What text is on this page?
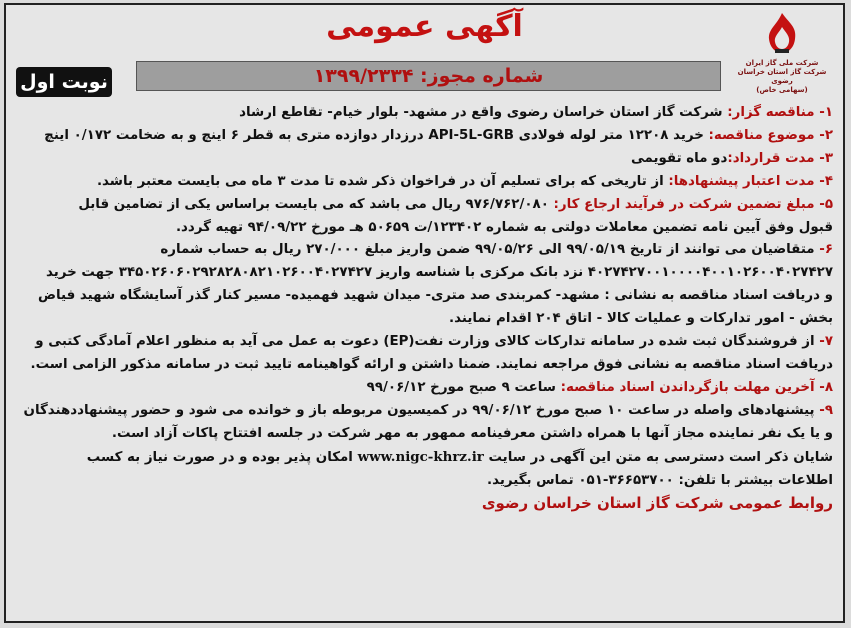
شرکت ملی گاز ایران
شرکت گاز استان خراسان رضوی
(سهامی خاص)
آگهی عمومی
شماره مجوز: ۱۳۹۹/۲۳۳۴
نوبت اول
۱- مناقصه گزار: شرکت گاز استان خراسان رضوی واقع در مشهد- بلوار خیام- تقاطع ارشاد
۲- موضوع مناقصه: خرید ۱۲۲۰۸ متر لوله فولادی API-5L-GRB درزدار دوازده متری به قطر ۶ اینچ و به ضخامت ۰/۱۷۲ اینچ
۳- مدت قرارداد:دو ماه تقویمی
۴- مدت اعتبار پیشنهادها: از تاریخی که برای تسلیم آن در فراخوان ذکر شده تا مدت ۳ ماه می بایست معتبر باشد.
۵- مبلغ تضمین شرکت در فرآیند ارجاع کار: ۹۷۶/۷۶۲/۰۸۰ ریال می باشد که می بایست براساس یکی از تضامین قابل
قبول وفق آیین نامه تضمین معاملات دولتی به شماره ۱۲۳۴۰۲/ت ۵۰۶۵۹ هـ مورخ ۹۴/۰۹/۲۲ تهیه گردد.
۶- متقاضیان می توانند از تاریخ ۹۹/۰۵/۱۹ الی ۹۹/۰۵/۲۶ ضمن واریز مبلغ ۲۷۰/۰۰۰ ریال به حساب شماره
۴۰۲۷۴۲۷۰۰۱۰۰۰۰۴۰۰۱۰۲۶۰۰۴۰۲۷۴۲۷ نزد بانک مرکزی با شناسه واریز ۳۴۵۰۲۶۰۶۰۲۹۲۸۲۸۰۸۲۱۰۲۶۰۰۴۰۲۷۴۲۷ جهت خرید
و دریافت اسناد مناقصه به نشانی : مشهد- کمربندی صد متری- میدان شهید فهمیده- مسیر کنار گذر آسایشگاه شهید فیاض
بخش - امور تدارکات و عملیات کالا - اتاق ۲۰۴ اقدام نمایند.
۷- از فروشندگان ثبت شده در سامانه تدارکات کالای وزارت نفت(EP) دعوت به عمل می آید به منظور اعلام آمادگی کتبی و
دریافت اسناد مناقصه به نشانی فوق مراجعه نمایند. ضمنا داشتن و ارائه گواهینامه تایید ثبت در سامانه مذکور الزامی است.
۸- آخرین مهلت بازگرداندن اسناد مناقصه: ساعت ۹ صبح مورخ ۹۹/۰۶/۱۲
۹- پیشنهادهای واصله در ساعت ۱۰ صبح مورخ ۹۹/۰۶/۱۲ در کمیسیون مربوطه باز و خوانده می شود و حضور پیشنهاددهندگان
و یا یک نفر نماینده مجاز آنها با همراه داشتن معرفینامه ممهور به مهر شرکت در جلسه افتتاح پاکات آزاد است.
شایان ذکر است دسترسی به متن این آگهی در سایت www.nigc-khrz.ir امکان پذیر بوده و در صورت نیاز به کسب
اطلاعات بیشتر با تلفن: ۳۶۶۵۳۷۰۰-۰۵۱ تماس بگیرید.
روابط عمومی شرکت گاز استان خراسان رضوی
